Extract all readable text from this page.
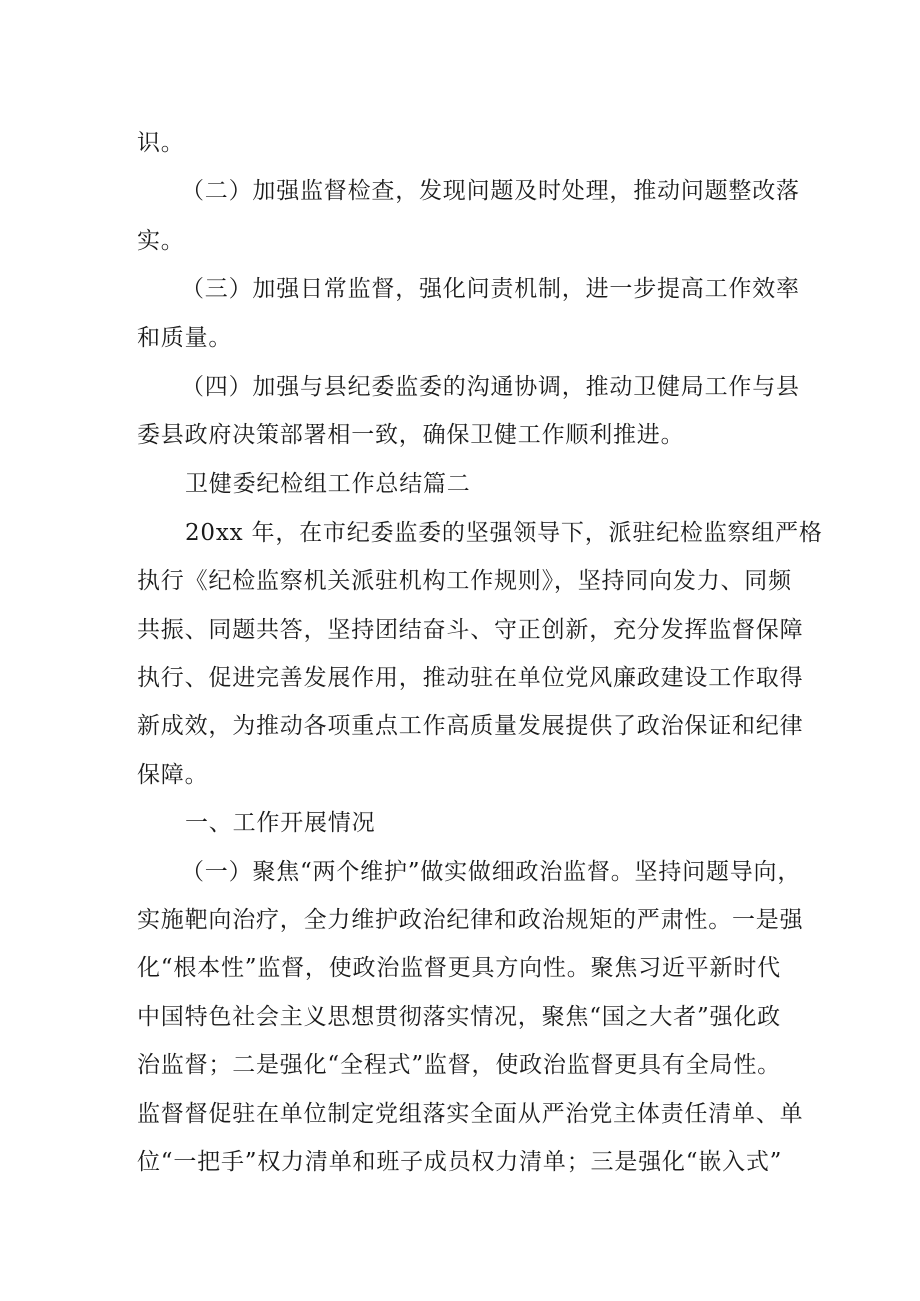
识。
（二）加强监督检查，发现问题及时处理，推动问题整改落
实。
（三）加强日常监督，强化问责机制，进一步提高工作效率
和质量。
（四）加强与县纪委监委的沟通协调，推动卫健局工作与县
委县政府决策部署相一致，确保卫健工作顺利推进。
卫健委纪检组工作总结篇二
20xx 年，在市纪委监委的坚强领导下，派驻纪检监察组严格
执行《纪检监察机关派驻机构工作规则》，坚持同向发力、同频
共振、同题共答，坚持团结奋斗、守正创新，充分发挥监督保障
执行、促进完善发展作用，推动驻在单位党风廉政建设工作取得
新成效，为推动各项重点工作高质量发展提供了政治保证和纪律
保障。
一、工作开展情况
（一）聚焦“两个维护”做实做细政治监督。坚持问题导向，
实施靶向治疗，全力维护政治纪律和政治规矩的严肃性。一是强
化“根本性”监督，使政治监督更具方向性。聚焦习近平新时代
中国特色社会主义思想贯彻落实情况，聚焦“国之大者”强化政
治监督；二是强化“全程式”监督，使政治监督更具有全局性。
监督督促驻在单位制定党组落实全面从严治党主体责任清单、单
位“一把手”权力清单和班子成员权力清单；三是强化“嵌入式”
